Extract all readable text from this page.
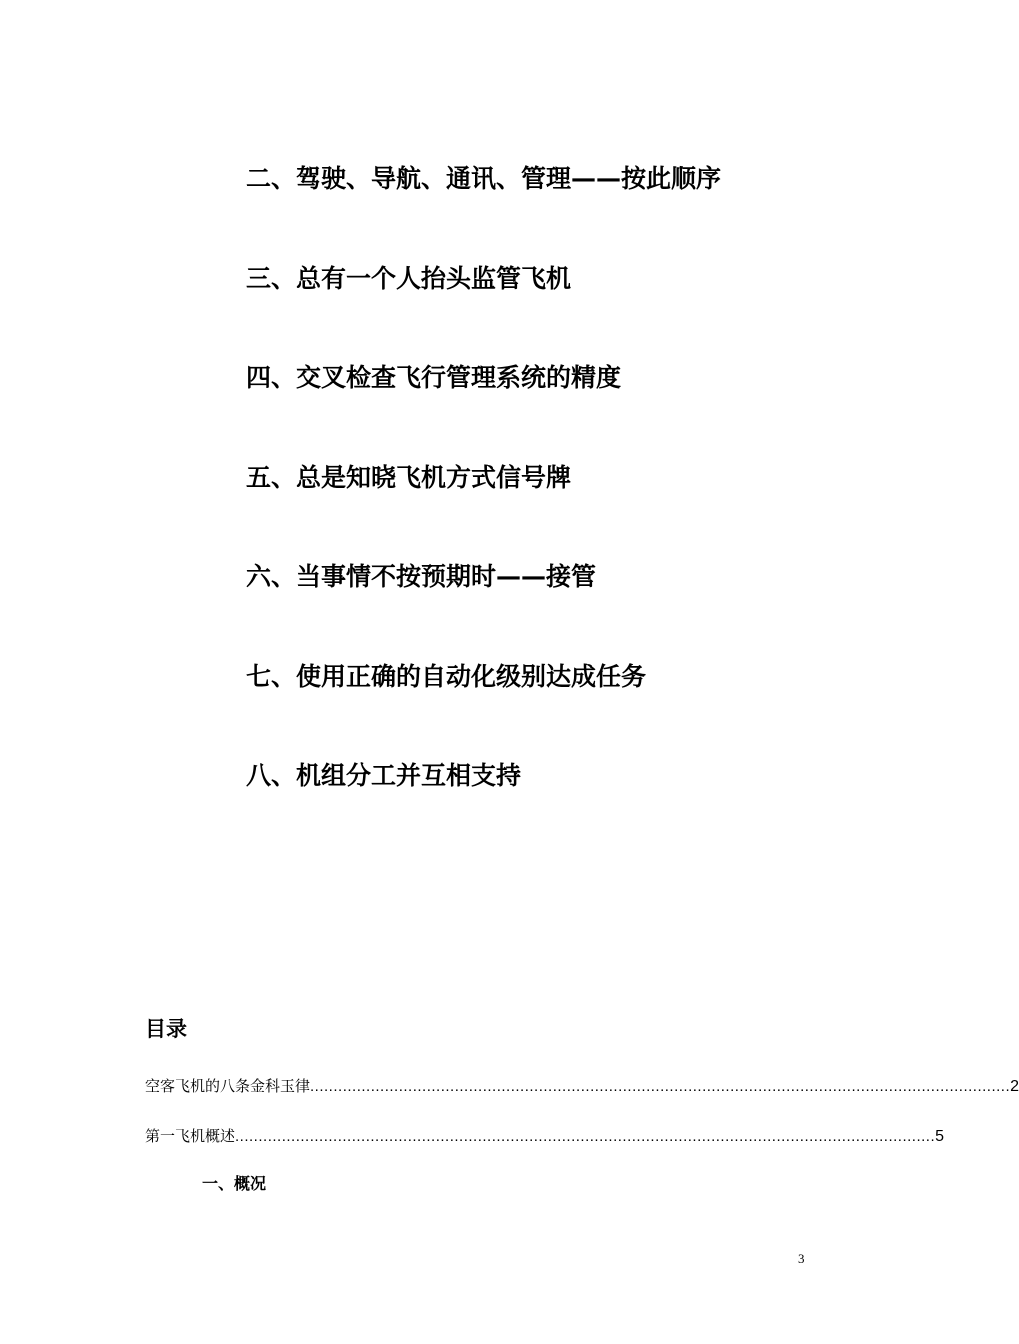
二、驾驶、导航、通讯、管理——按此顺序
三、总有一个人抬头监管飞机
四、交叉检查飞行管理系统的精度
五、总是知晓飞机方式信号牌
六、当事情不按预期时——接管
七、使用正确的自动化级别达成任务
八、机组分工并互相支持
目录
空客飞机的八条金科玉律 ...................................................................................................................................................... 2
第一飞机概述 ...................................................................................................................................................... 5
一、概况
3
